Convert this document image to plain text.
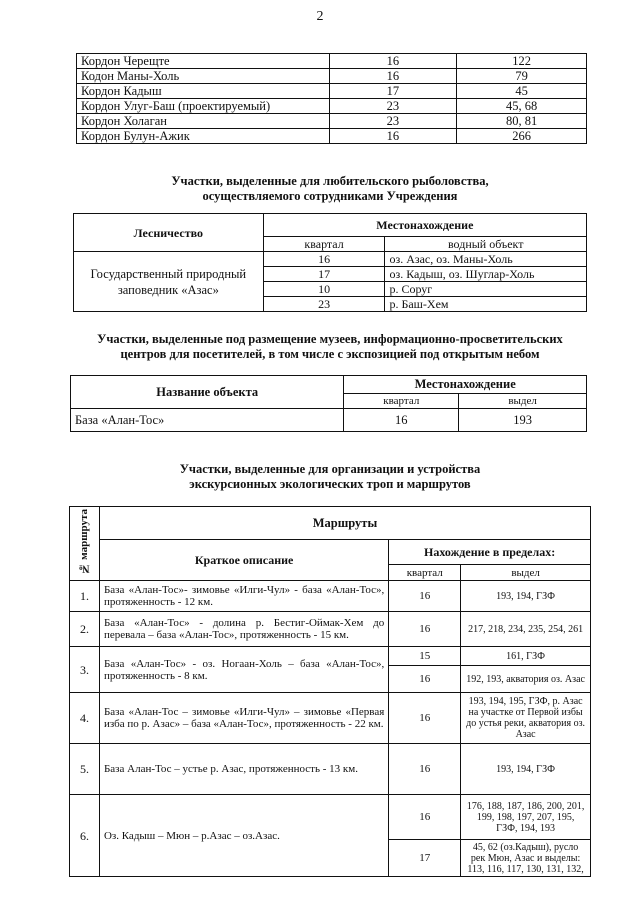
2
Кордон Черещте	16	122
Кодон Маны-Холь	16	79
Кордон Кадыш	17	45
Кордон Улуг-Баш (проектируемый)	23	45, 68
Кордон Холаган	23	80, 81
Кордон Булун-Ажик	16	266
Участки, выделенные для любительского рыболовства,
осуществляемого сотрудниками Учреждения
Лесничество	Местонахождение	
	квартал	водный объект

Государственный природный
заповедник «Азас»	16	оз. Азас, оз. Маны-Холь
	17	оз. Кадыш, оз. Шуглар-Холь
	10	р. Соруг
	23	р. Баш-Хем
Участки, выделенные под размещение музеев, информационно-просветительских
центров для посетителей, в том числе с экспозицией под открытым небом
Название объекта	Местонахождение	
	квартал	выдел
База «Алан-Тос»	16	193
Участки, выделенные для организации и устройства
экскурсионных экологических троп и маршрутов
№ маршрута	Маршруты		
	Краткое описание	Нахождение в пределах:	
		квартал	выдел
1.	База «Алан-Тос»- зимовье «Илги-Чул» - база «Алан-Тос», протяженность - 12 км.	16	193, 194, ГЗФ
2.	База «Алан-Тос» - долина р. Бестиг-Оймак-Хем до перевала – база «Алан-Тос», протяженность - 15 км.	16	217, 218, 234, 235, 254, 261
3.	База «Алан-Тос» - оз. Ногаан-Холь – база «Алан-Тос», протяженность - 8 км.	15	161, ГЗФ
		16	192, 193, акватория оз. Азас
4.	База «Алан-Тос – зимовье «Илги-Чул» – зимовье «Первая изба по р. Азас» – база «Алан-Тос», протяженность - 22 км.	16	193, 194, 195, ГЗФ, р. Азас на участке от Первой избы до устья реки, акватория оз. Азас
5.	База Алан-Тос – устье р. Азас, протяженность - 13 км.	16	193, 194, ГЗФ
6.	Оз. Кадыш – Мюн – р.Азас – оз.Азас.	16	176, 188, 187, 186, 200, 201, 199, 198, 197, 207, 195, ГЗФ, 194, 193
		17	45, 62 (оз.Кадыш), русло рек Мюн, Азас и выделы: 113, 116, 117, 130, 131, 132,
